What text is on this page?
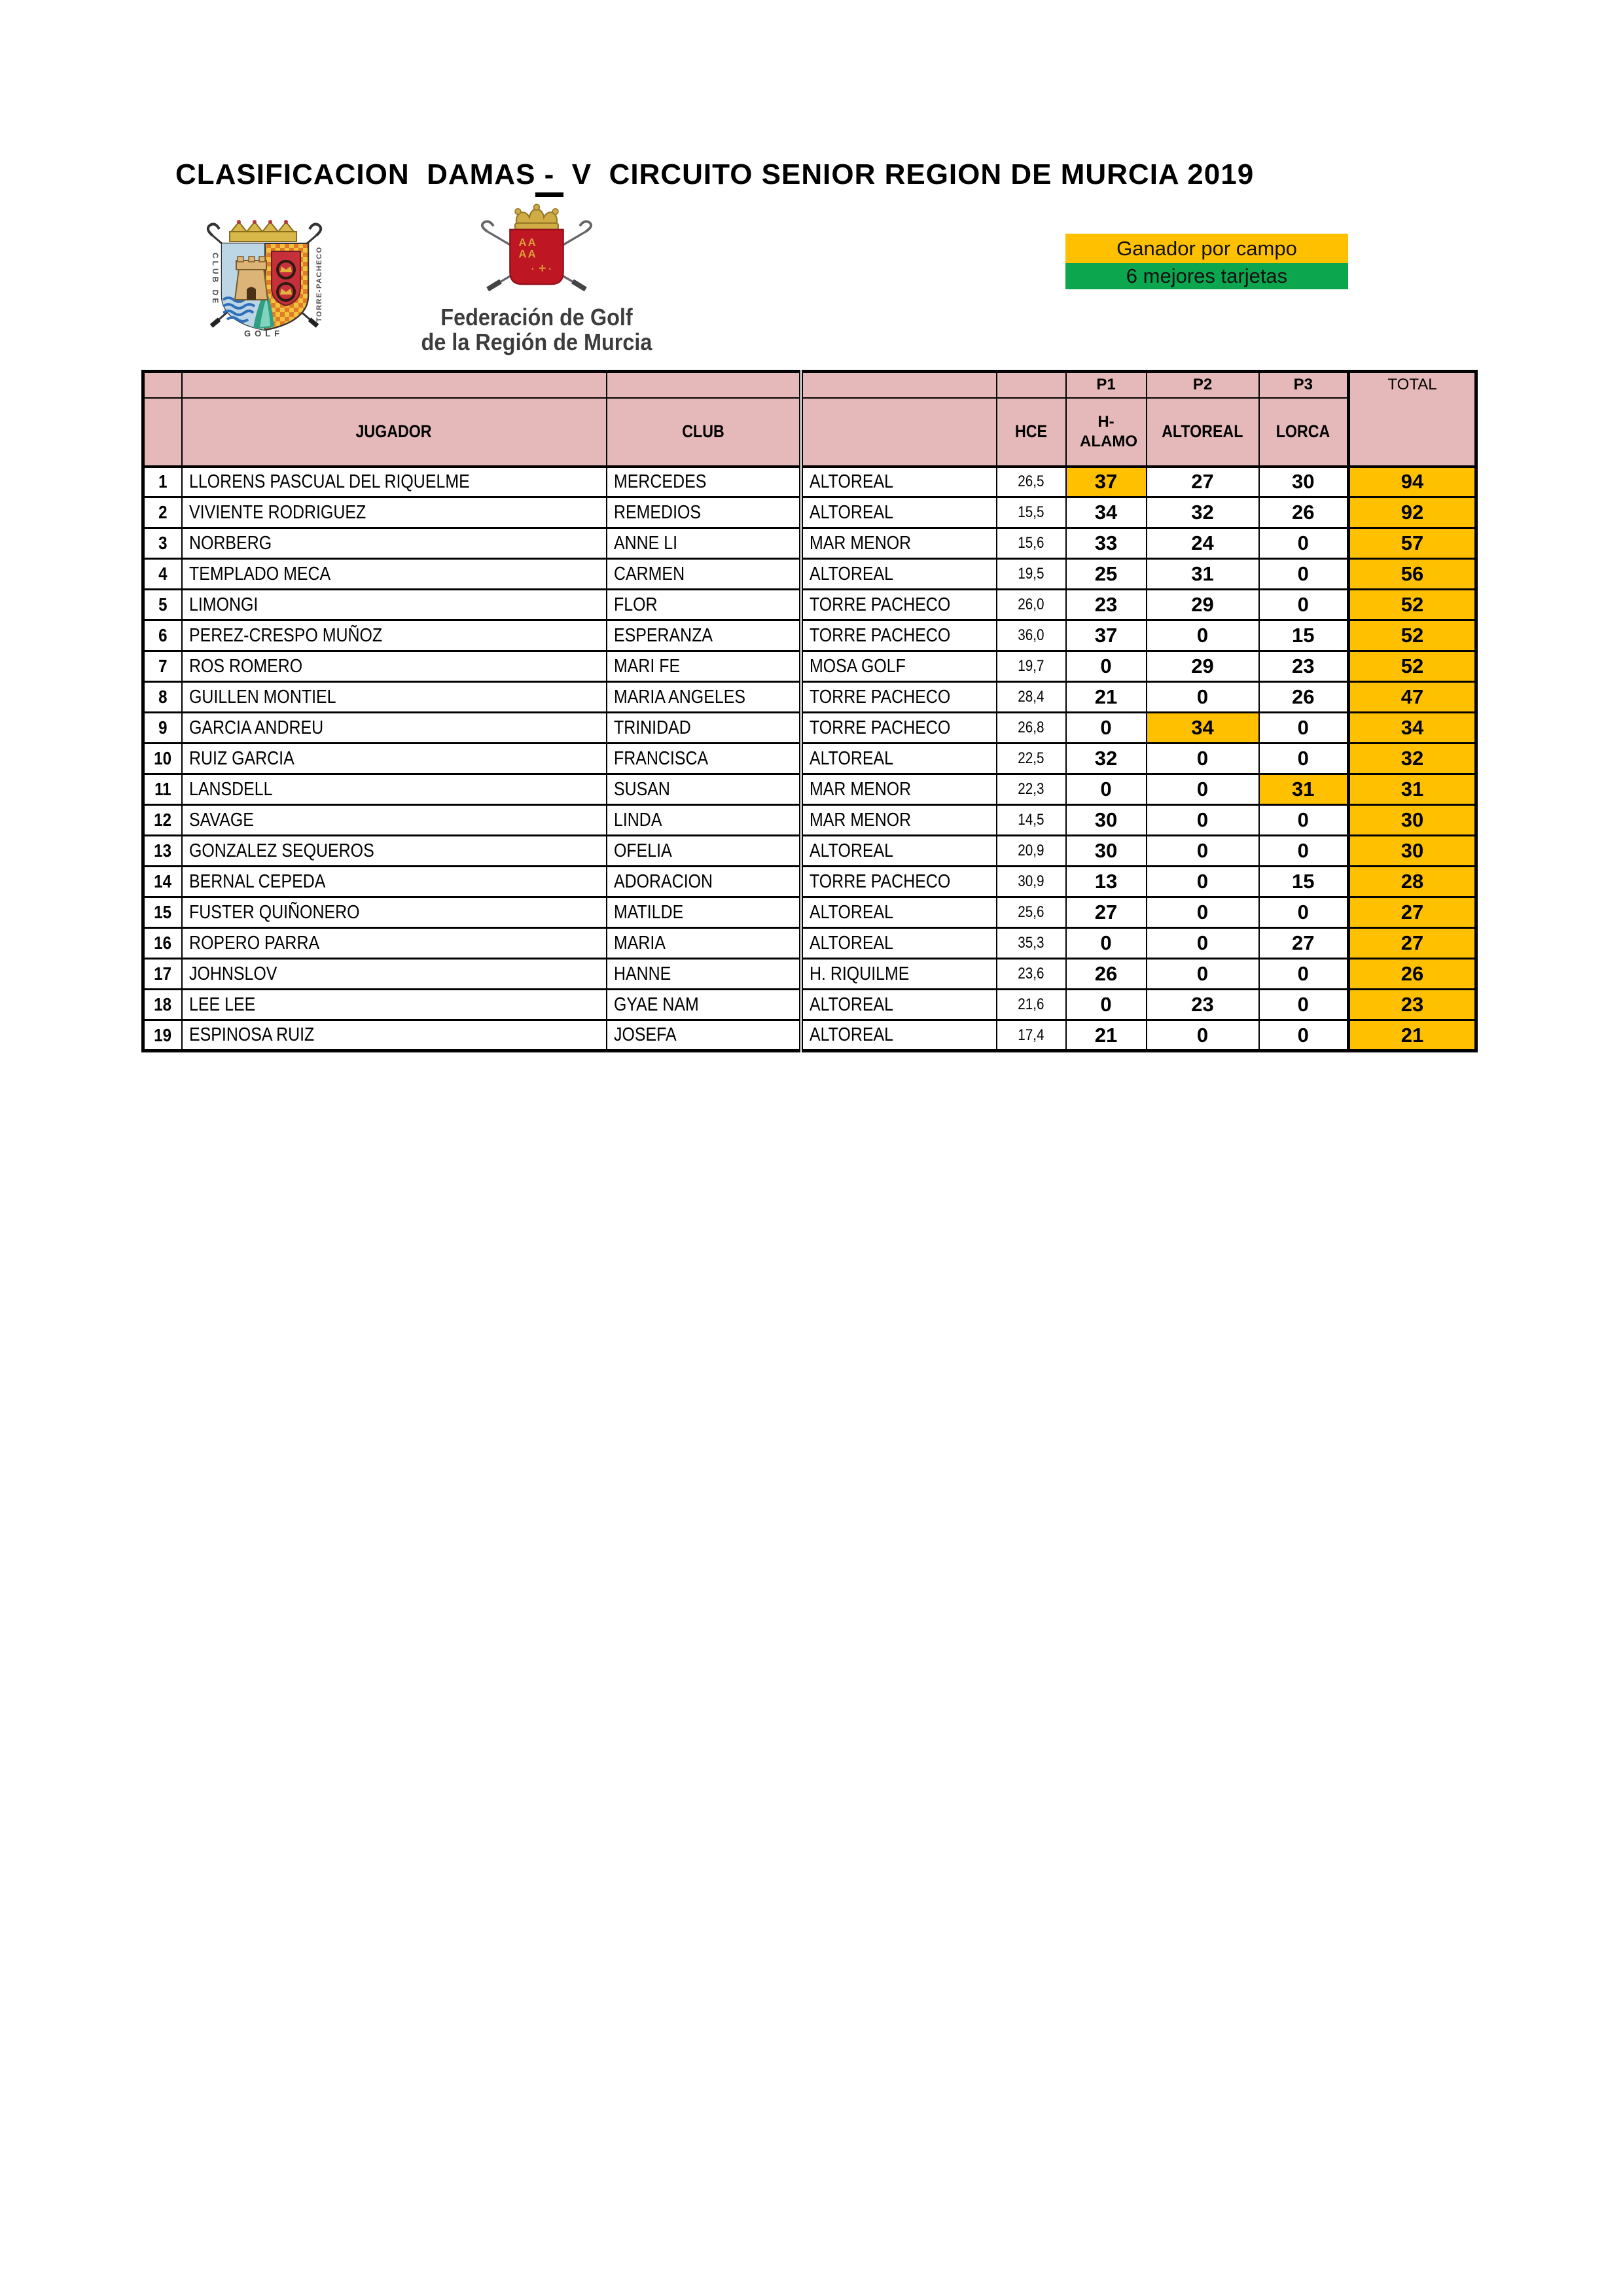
CLASIFICACION  DAMAS -  V  CIRCUITO SENIOR REGION DE MURCIA 2019
CLUB DE	TORRE-PACHECO
GOLF
AA
AA
✛
▪	▪
Federación de Golf
de la Región de Murcia
Ganador por campo
6 mejores tarjetas
					P1	P2	P3	TOTAL
	JUGADOR	CLUB		HCE	H-ALAMO	ALTOREAL	LORCA	
1	LLORENS PASCUAL DEL RIQUELME	MERCEDES	ALTOREAL	26,5	37	27	30	94
2	VIVIENTE RODRIGUEZ	REMEDIOS	ALTOREAL	15,5	34	32	26	92
3	NORBERG	ANNE LI	MAR MENOR	15,6	33	24	0	57
4	TEMPLADO MECA	CARMEN	ALTOREAL	19,5	25	31	0	56
5	LIMONGI	FLOR	TORRE PACHECO	26,0	23	29	0	52
6	PEREZ-CRESPO MUÑOZ	ESPERANZA	TORRE PACHECO	36,0	37	0	15	52
7	ROS ROMERO	MARI FE	MOSA GOLF	19,7	0	29	23	52
8	GUILLEN MONTIEL	MARIA ANGELES	TORRE PACHECO	28,4	21	0	26	47
9	GARCIA ANDREU	TRINIDAD	TORRE PACHECO	26,8	0	34	0	34
10	RUIZ GARCIA	FRANCISCA	ALTOREAL	22,5	32	0	0	32
11	LANSDELL	SUSAN	MAR MENOR	22,3	0	0	31	31
12	SAVAGE	LINDA	MAR MENOR	14,5	30	0	0	30
13	GONZALEZ SEQUEROS	OFELIA	ALTOREAL	20,9	30	0	0	30
14	BERNAL CEPEDA	ADORACION	TORRE PACHECO	30,9	13	0	15	28
15	FUSTER QUIÑONERO	MATILDE	ALTOREAL	25,6	27	0	0	27
16	ROPERO PARRA	MARIA	ALTOREAL	35,3	0	0	27	27
17	JOHNSLOV	HANNE	H. RIQUILME	23,6	26	0	0	26
18	LEE LEE	GYAE NAM	ALTOREAL	21,6	0	23	0	23
19	ESPINOSA RUIZ	JOSEFA	ALTOREAL	17,4	21	0	0	21
